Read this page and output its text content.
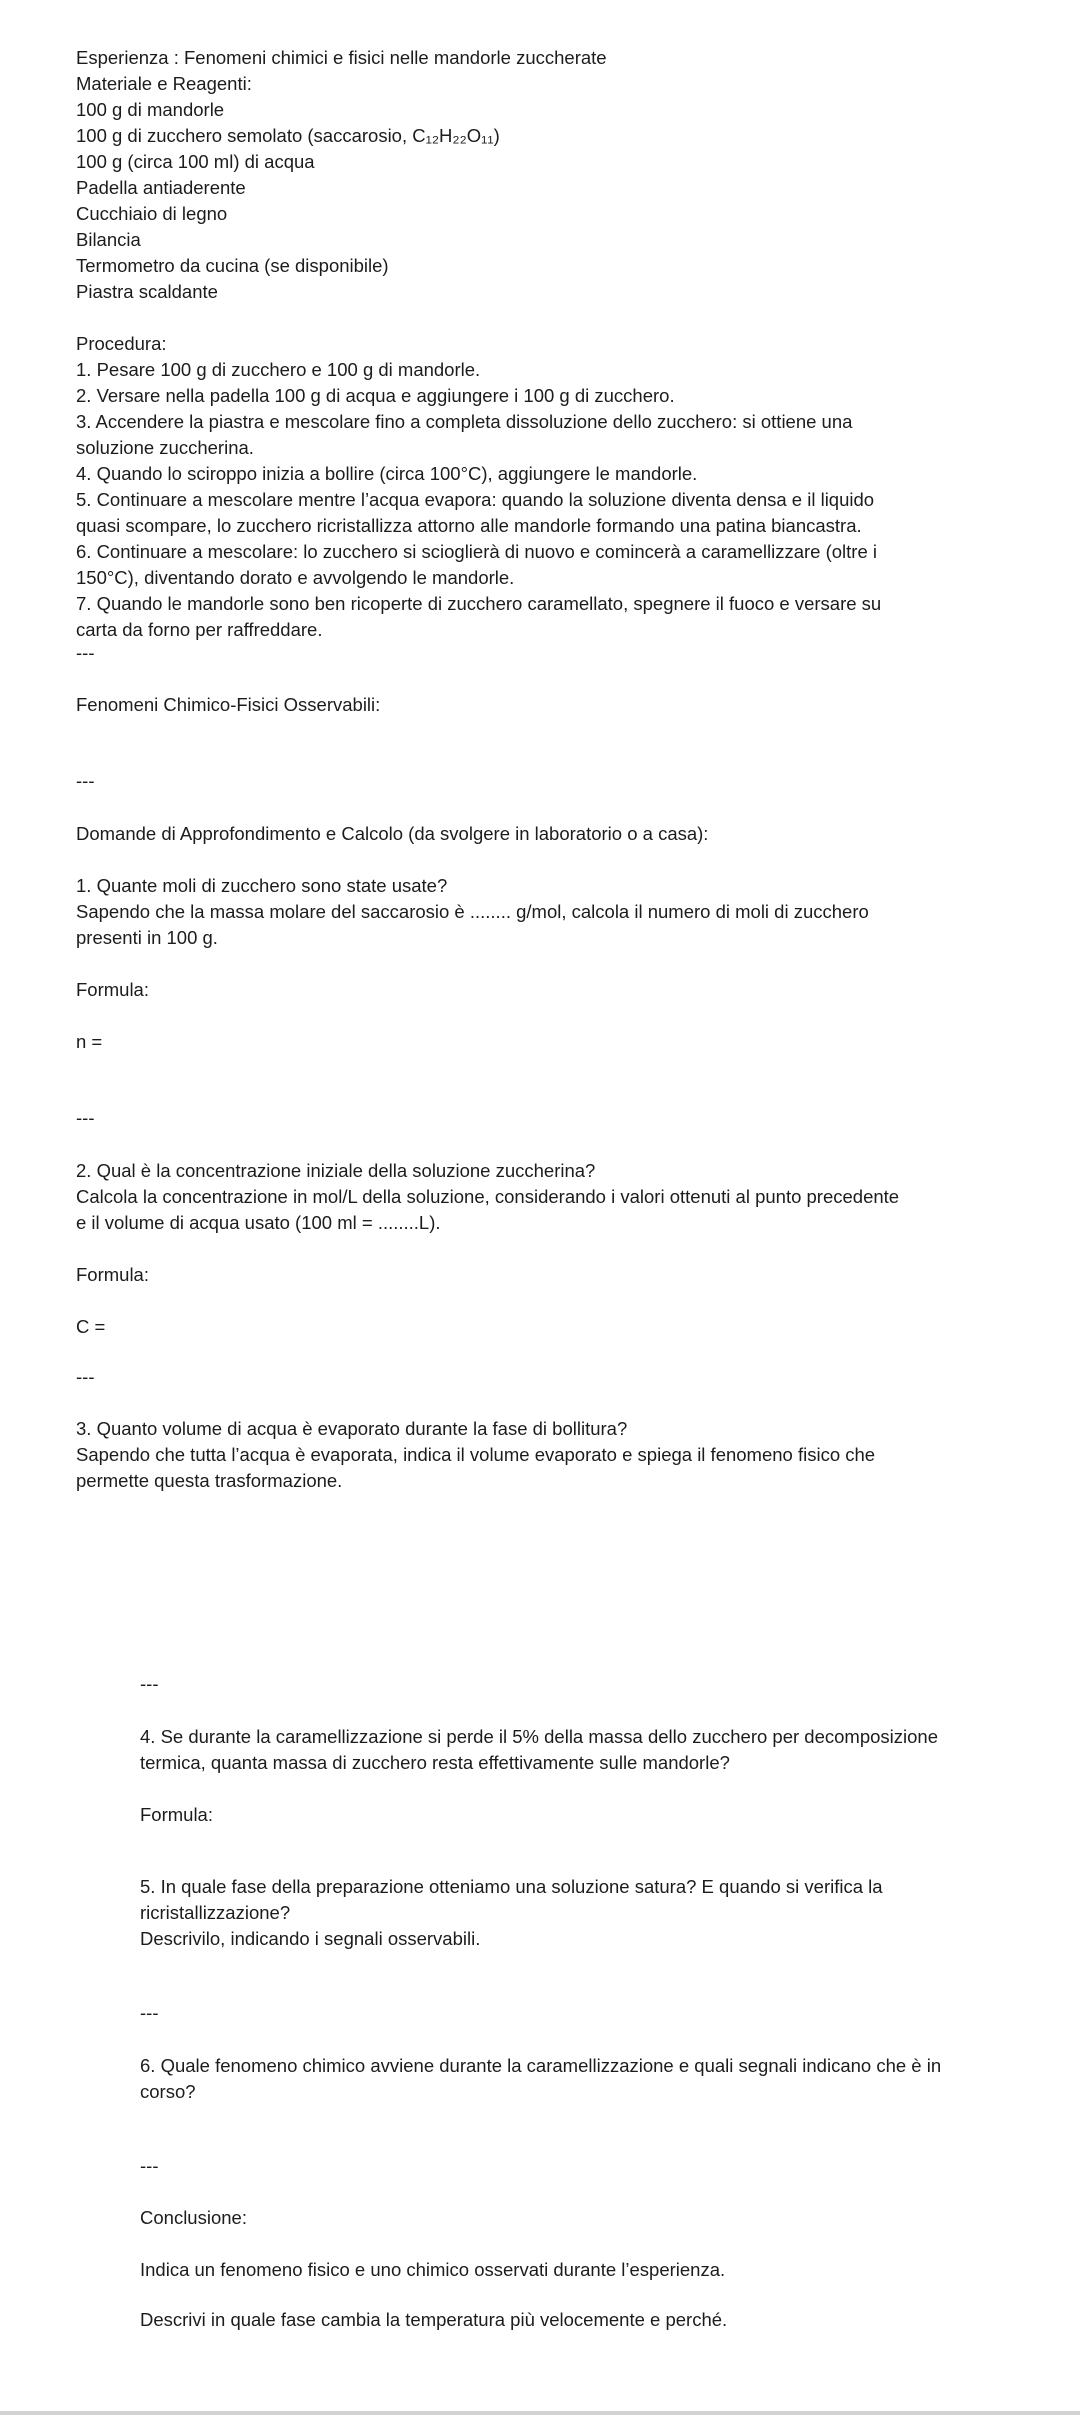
Esperienza : Fenomeni chimici e fisici nelle mandorle zuccherate

Materiale e Reagenti:

100 g di mandorle

100 g di zucchero semolato (saccarosio, C₁₂H₂₂O₁₁)

100 g (circa 100 ml) di acqua

Padella antiaderente

Cucchiaio di legno

Bilancia

Termometro da cucina (se disponibile)

Piastra scaldante

Procedura:

1. Pesare 100 g di zucchero e 100 g di mandorle.

2. Versare nella padella 100 g di acqua e aggiungere i 100 g di zucchero.

3. Accendere la piastra e mescolare fino a completa dissoluzione dello zucchero: si ottiene una

soluzione zuccherina.

4. Quando lo sciroppo inizia a bollire (circa 100°C), aggiungere le mandorle.

5. Continuare a mescolare mentre l’acqua evapora: quando la soluzione diventa densa e il liquido

quasi scompare, lo zucchero ricristallizza attorno alle mandorle formando una patina biancastra.

6. Continuare a mescolare: lo zucchero si scioglierà di nuovo e comincerà a caramellizzare (oltre i

150°C), diventando dorato e avvolgendo le mandorle.

7. Quando le mandorle sono ben ricoperte di zucchero caramellato, spegnere il fuoco e versare su

carta da forno per raffreddare.

---

Fenomeni Chimico-Fisici Osservabili:

---

Domande di Approfondimento e Calcolo (da svolgere in laboratorio o a casa):

1. Quante moli di zucchero sono state usate?

Sapendo che la massa molare del saccarosio è ........ g/mol, calcola il numero di moli di zucchero

presenti in 100 g.

Formula:

n =

---

2. Qual è la concentrazione iniziale della soluzione zuccherina?

Calcola la concentrazione in mol/L della soluzione, considerando i valori ottenuti al punto precedente

e il volume di acqua usato (100 ml = ........L).

Formula:

C =

---

3. Quanto volume di acqua è evaporato durante la fase di bollitura?

Sapendo che tutta l’acqua è evaporata, indica il volume evaporato e spiega il fenomeno fisico che

permette questa trasformazione.

---

4. Se durante la caramellizzazione si perde il 5% della massa dello zucchero per decomposizione

termica, quanta massa di zucchero resta effettivamente sulle mandorle?

Formula:

5. In quale fase della preparazione otteniamo una soluzione satura? E quando si verifica la

ricristallizzazione?

Descrivilo, indicando i segnali osservabili.

---

6. Quale fenomeno chimico avviene durante la caramellizzazione e quali segnali indicano che è in

corso?

---

Conclusione:

Indica un fenomeno fisico e uno chimico osservati durante l’esperienza.

Descrivi in quale fase cambia la temperatura più velocemente e perché.
